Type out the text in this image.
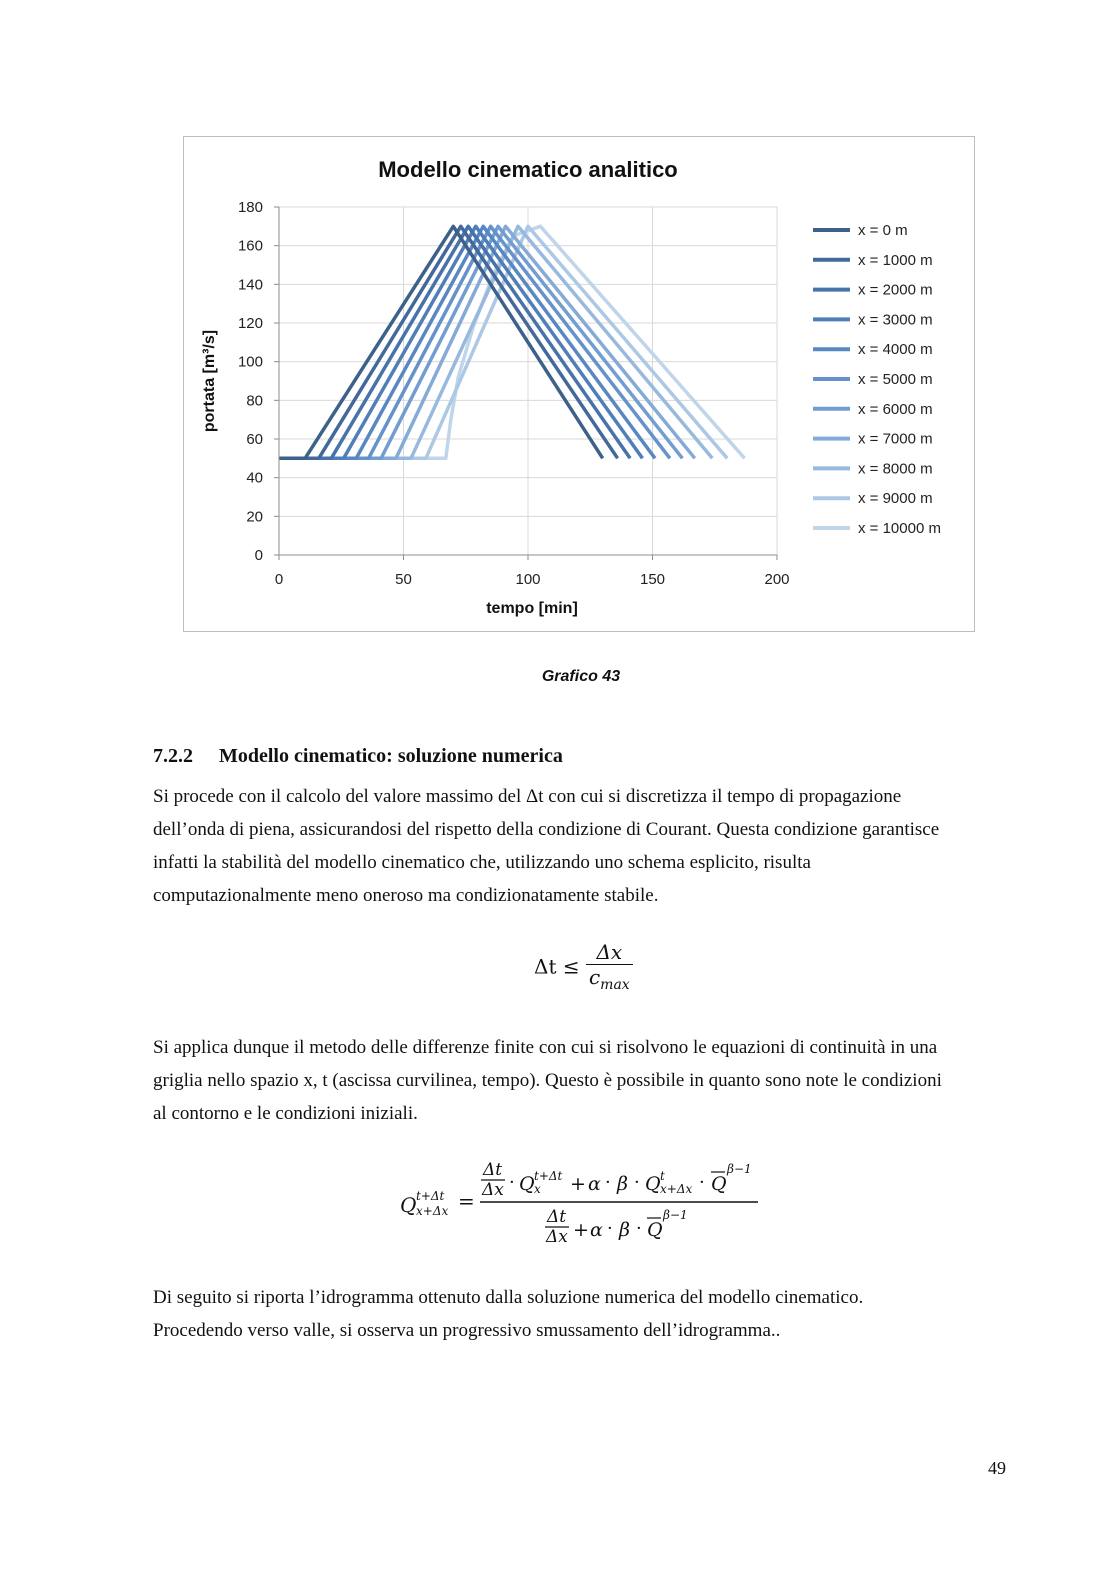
Modello cinematico analitico
0
20
40
60
80
100
120
140
160
180
0	50	100	150	200
tempo [min]
portata [m³/s]
x = 0 m
x = 1000 m
x = 2000 m
x = 3000 m
x = 4000 m
x = 5000 m
x = 6000 m
x = 7000 m
x = 8000 m
x = 9000 m
x = 10000 m
Grafico 43
7.2.2 Modello cinematico: soluzione numerica

Si procede con il calcolo del valore massimo del Δt con cui si discretizza il tempo di propagazione
dell’onda di piena, assicurandosi del rispetto della condizione di Courant. Questa condizione garantisce
infatti la stabilità del modello cinematico che, utilizzando uno schema esplicito, risulta
computazionalmente meno oneroso ma condizionatamente stabile.

$\Delta t \le \frac{\Delta x}{c_{max}}$

Si applica dunque il metodo delle differenze finite con cui si risolvono le equazioni di continuità in una
griglia nello spazio x, t (ascissa curvilinea, tempo). Questo è possibile in quanto sono note le condizioni
al contorno e le condizioni iniziali.

Q t+Δt
x+Δx =
Δt
Δx · Q t+Δt
x + α · β · Q t
x+Δx · Q
β−1
Δt
Δx + α · β · Q
β−1

Di seguito si riporta l’idrogramma ottenuto dalla soluzione numerica del modello cinematico.
Procedendo verso valle, si osserva un progressivo smussamento dell’idrogramma..

49
